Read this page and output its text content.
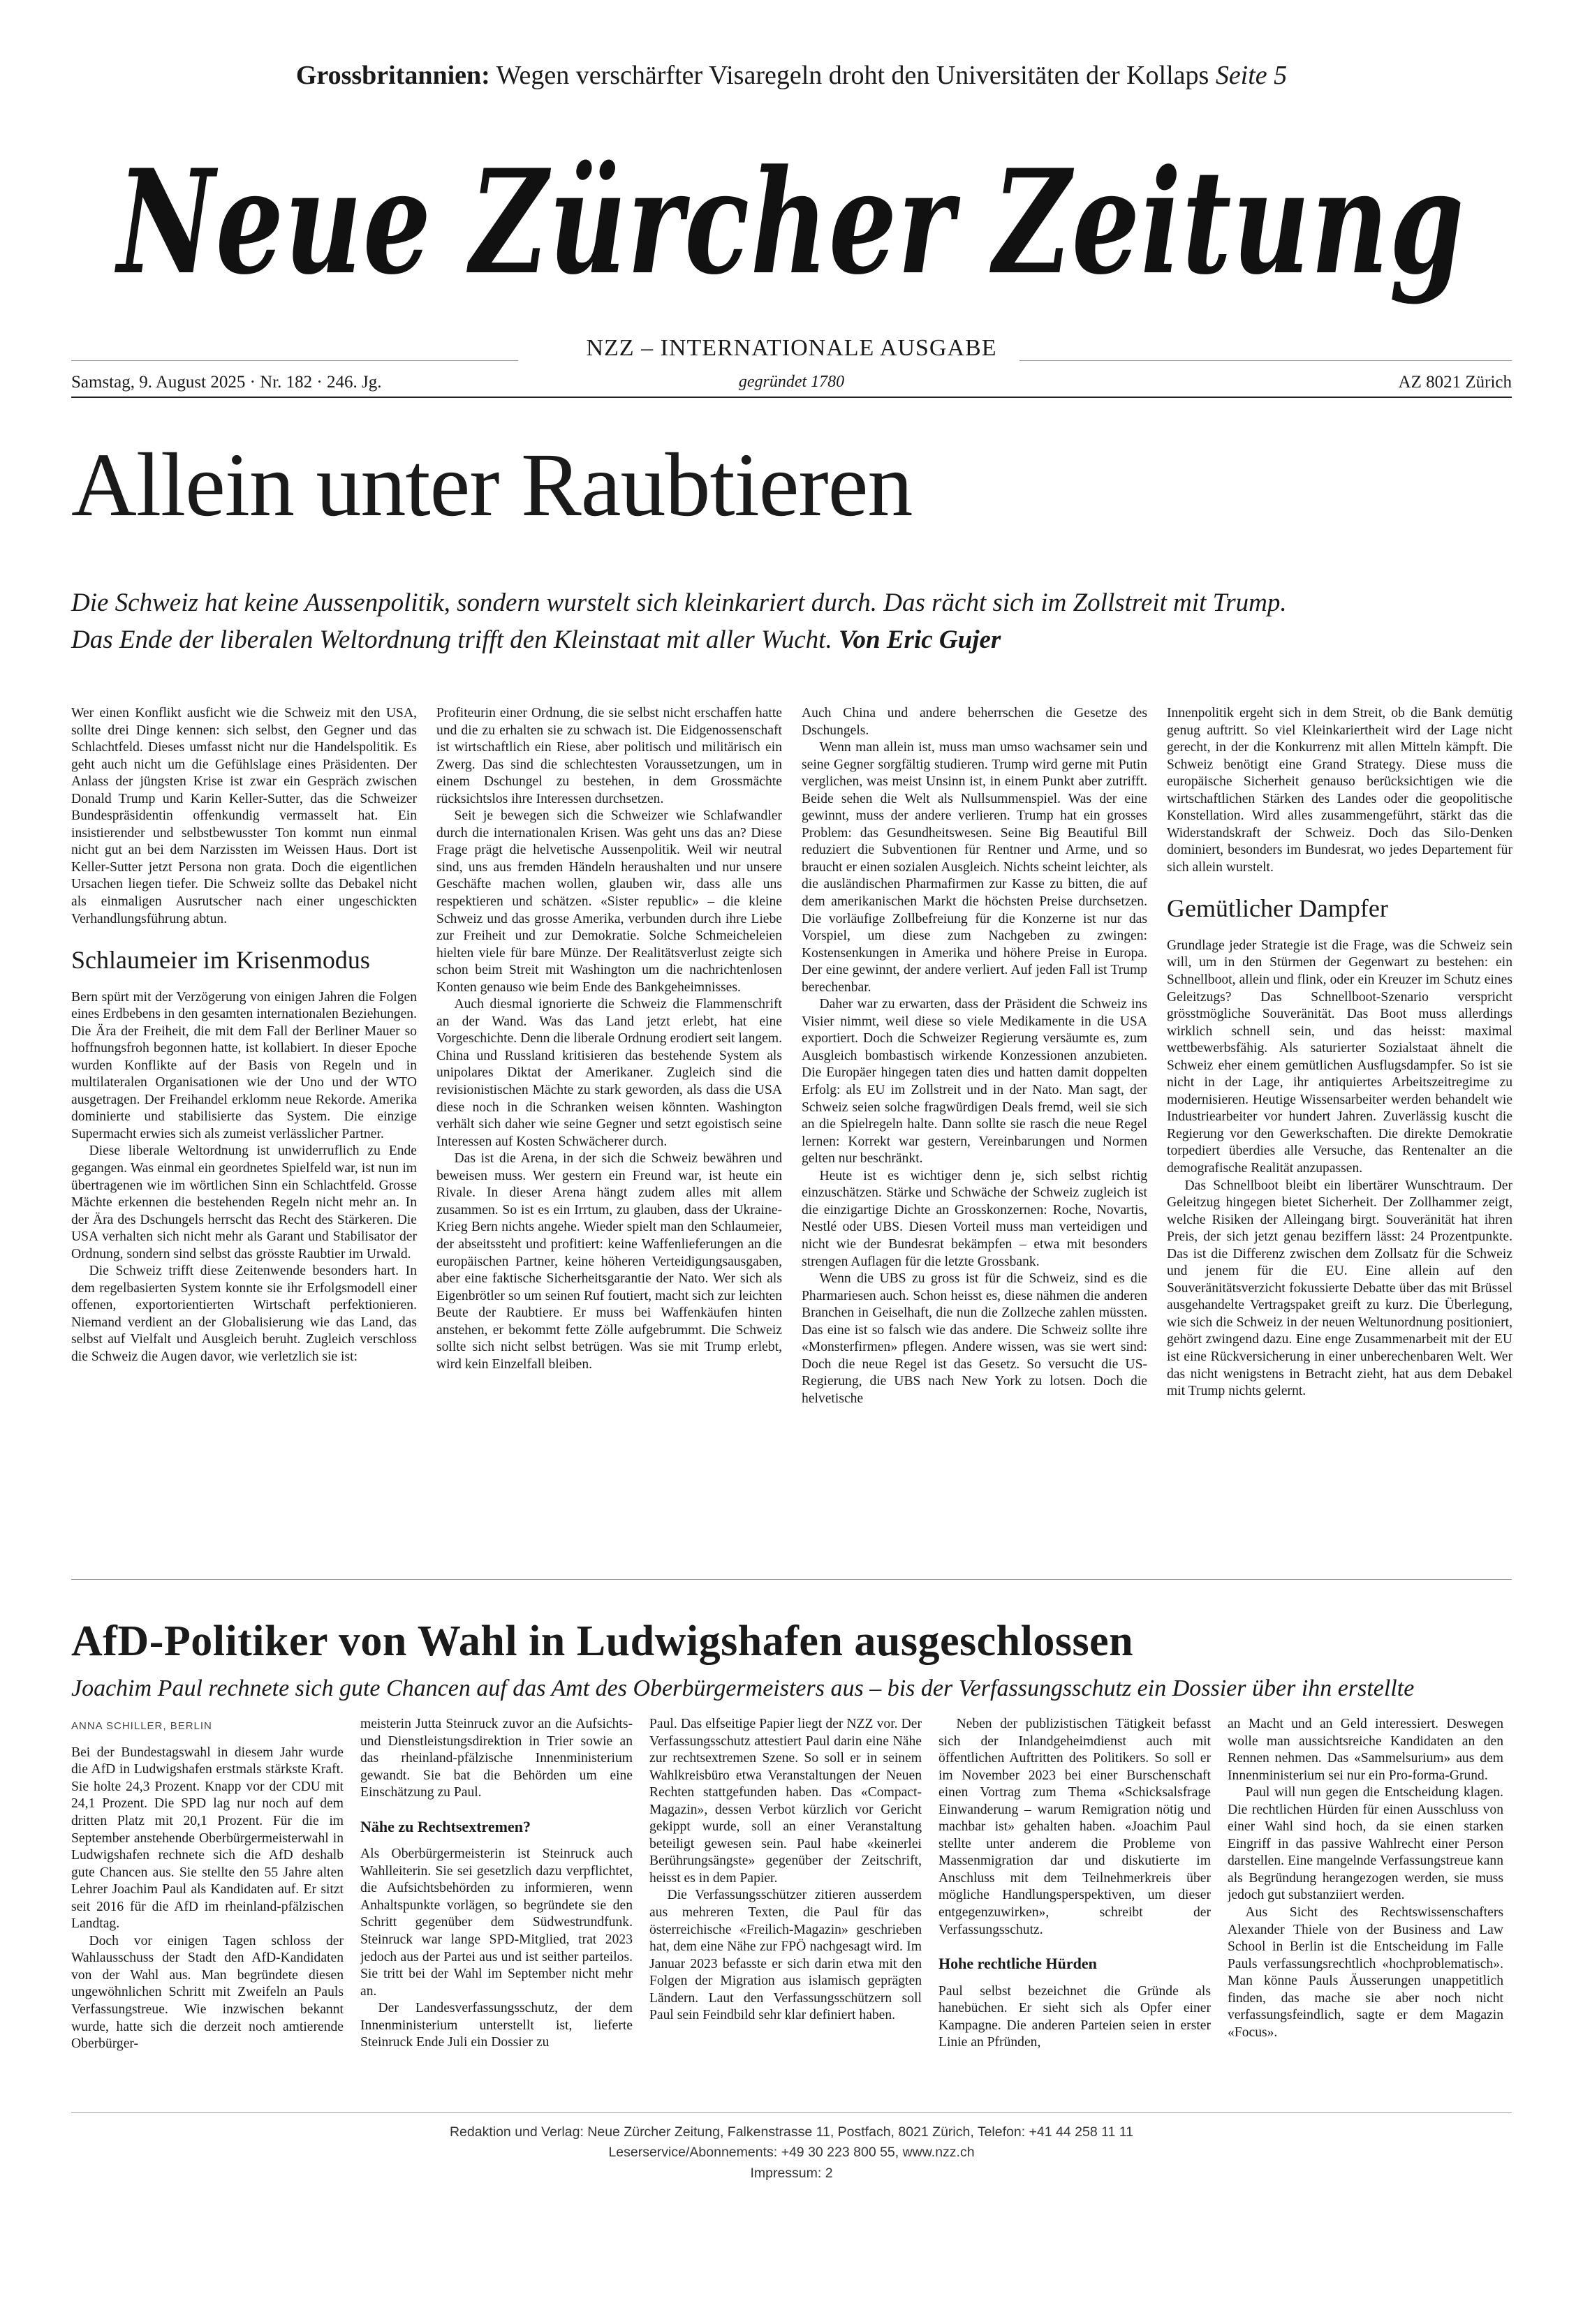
Grossbritannien: Wegen verschärfter Visaregeln droht den Universitäten der Kollaps Seite 5
Neue Zürcher Zeitung
NZZ – INTERNATIONALE AUSGABE
Samstag, 9. August 2025 · Nr. 182 · 246. Jg.	gegründet 1780	AZ 8021 Zürich
Allein unter Raubtieren
Die Schweiz hat keine Aussenpolitik, sondern wurstelt sich kleinkariert durch. Das rächt sich im Zollstreit mit Trump.
Das Ende der liberalen Weltordnung trifft den Kleinstaat mit aller Wucht. Von Eric Gujer

Wer einen Konflikt ausficht wie die Schweiz mit den USA, sollte drei Dinge kennen: sich selbst, den Gegner und das Schlachtfeld. Dieses umfasst nicht nur die Handelspolitik. Es geht auch nicht um die Gefühlslage eines Präsidenten. Der Anlass der jüngsten Krise ist zwar ein Gespräch zwischen Donald Trump und Karin Keller-Sutter, das die Schweizer Bundespräsidentin offenkundig vermasselt hat. Ein insistierender und selbstbewusster Ton kommt nun einmal nicht gut an bei dem Narzissten im Weissen Haus. Dort ist Keller-Sutter jetzt Persona non grata. Doch die eigentlichen Ursachen liegen tiefer. Die Schweiz sollte das Debakel nicht als einmaligen Ausrutscher nach einer ungeschickten Verhandlungsführung abtun.

Schlaumeier im Krisenmodus

Bern spürt mit der Verzögerung von einigen Jahren die Folgen eines Erdbebens in den gesamten internationalen Beziehungen. Die Ära der Freiheit, die mit dem Fall der Berliner Mauer so hoffnungsfroh begonnen hatte, ist kollabiert. In dieser Epoche wurden Konflikte auf der Basis von Regeln und in multilateralen Organisationen wie der Uno und der WTO ausgetragen. Der Freihandel erklomm neue Rekorde. Amerika dominierte und stabilisierte das System. Die einzige Supermacht erwies sich als zumeist verlässlicher Partner.

Diese liberale Weltordnung ist unwiderruflich zu Ende gegangen. Was einmal ein geordnetes Spielfeld war, ist nun im übertragenen wie im wörtlichen Sinn ein Schlachtfeld. Grosse Mächte erkennen die bestehenden Regeln nicht mehr an. In der Ära des Dschungels herrscht das Recht des Stärkeren. Die USA verhalten sich nicht mehr als Garant und Stabilisator der Ordnung, sondern sind selbst das grösste Raubtier im Urwald.

Die Schweiz trifft diese Zeitenwende besonders hart. In dem regelbasierten System konnte sie ihr Erfolgsmodell einer offenen, exportorientierten Wirtschaft perfektionieren. Niemand verdient an der Globalisierung wie das Land, das selbst auf Vielfalt und Ausgleich beruht. Zugleich verschloss die Schweiz die Augen davor, wie verletzlich sie ist:

Profiteurin einer Ordnung, die sie selbst nicht erschaffen hatte und die zu erhalten sie zu schwach ist. Die Eidgenossenschaft ist wirtschaftlich ein Riese, aber politisch und militärisch ein Zwerg. Das sind die schlechtesten Voraussetzungen, um in einem Dschungel zu bestehen, in dem Grossmächte rücksichtslos ihre Interessen durchsetzen.

Seit je bewegen sich die Schweizer wie Schlafwandler durch die internationalen Krisen. Was geht uns das an? Diese Frage prägt die helvetische Aussenpolitik. Weil wir neutral sind, uns aus fremden Händeln heraushalten und nur unsere Geschäfte machen wollen, glauben wir, dass alle uns respektieren und schätzen. «Sister republic» – die kleine Schweiz und das grosse Amerika, verbunden durch ihre Liebe zur Freiheit und zur Demokratie. Solche Schmeicheleien hielten viele für bare Münze. Der Realitätsverlust zeigte sich schon beim Streit mit Washington um die nachrichtenlosen Konten genauso wie beim Ende des Bankgeheimnisses.

Auch diesmal ignorierte die Schweiz die Flammenschrift an der Wand. Was das Land jetzt erlebt, hat eine Vorgeschichte. Denn die liberale Ordnung erodiert seit langem. China und Russland kritisieren das bestehende System als unipolares Diktat der Amerikaner. Zugleich sind die revisionistischen Mächte zu stark geworden, als dass die USA diese noch in die Schranken weisen könnten. Washington verhält sich daher wie seine Gegner und setzt egoistisch seine Interessen auf Kosten Schwächerer durch.

Das ist die Arena, in der sich die Schweiz bewähren und beweisen muss. Wer gestern ein Freund war, ist heute ein Rivale. In dieser Arena hängt zudem alles mit allem zusammen. So ist es ein Irrtum, zu glauben, dass der Ukraine-Krieg Bern nichts angehe. Wieder spielt man den Schlaumeier, der abseitssteht und profitiert: keine Waffenlieferungen an die europäischen Partner, keine höheren Verteidigungsausgaben, aber eine faktische Sicherheitsgarantie der Nato. Wer sich als Eigenbrötler so um seinen Ruf foutiert, macht sich zur leichten Beute der Raubtiere. Er muss bei Waffenkäufen hinten anstehen, er bekommt fette Zölle aufgebrummt. Die Schweiz sollte sich nicht selbst betrügen. Was sie mit Trump erlebt, wird kein Einzelfall bleiben.

Auch China und andere beherrschen die Gesetze des Dschungels.

Wenn man allein ist, muss man umso wachsamer sein und seine Gegner sorgfältig studieren. Trump wird gerne mit Putin verglichen, was meist Unsinn ist, in einem Punkt aber zutrifft. Beide sehen die Welt als Nullsummenspiel. Was der eine gewinnt, muss der andere verlieren. Trump hat ein grosses Problem: das Gesundheitswesen. Seine Big Beautiful Bill reduziert die Subventionen für Rentner und Arme, und so braucht er einen sozialen Ausgleich. Nichts scheint leichter, als die ausländischen Pharmafirmen zur Kasse zu bitten, die auf dem amerikanischen Markt die höchsten Preise durchsetzen. Die vorläufige Zollbefreiung für die Konzerne ist nur das Vorspiel, um diese zum Nachgeben zu zwingen: Kostensenkungen in Amerika und höhere Preise in Europa. Der eine gewinnt, der andere verliert. Auf jeden Fall ist Trump berechenbar.

Daher war zu erwarten, dass der Präsident die Schweiz ins Visier nimmt, weil diese so viele Medikamente in die USA exportiert. Doch die Schweizer Regierung versäumte es, zum Ausgleich bombastisch wirkende Konzessionen anzubieten. Die Europäer hingegen taten dies und hatten damit doppelten Erfolg: als EU im Zollstreit und in der Nato. Man sagt, der Schweiz seien solche fragwürdigen Deals fremd, weil sie sich an die Spielregeln halte. Dann sollte sie rasch die neue Regel lernen: Korrekt war gestern, Vereinbarungen und Normen gelten nur beschränkt.

Heute ist es wichtiger denn je, sich selbst richtig einzuschätzen. Stärke und Schwäche der Schweiz zugleich ist die einzigartige Dichte an Grosskonzernen: Roche, Novartis, Nestlé oder UBS. Diesen Vorteil muss man verteidigen und nicht wie der Bundesrat bekämpfen – etwa mit besonders strengen Auflagen für die letzte Grossbank.

Wenn die UBS zu gross ist für die Schweiz, sind es die Pharmariesen auch. Schon heisst es, diese nähmen die anderen Branchen in Geiselhaft, die nun die Zollzeche zahlen müssten. Das eine ist so falsch wie das andere. Die Schweiz sollte ihre «Monsterfirmen» pflegen. Andere wissen, was sie wert sind: Doch die neue Regel ist das Gesetz. So versucht die US-Regierung, die UBS nach New York zu lotsen. Doch die helvetische

Innenpolitik ergeht sich in dem Streit, ob die Bank demütig genug auftritt. So viel Kleinkariertheit wird der Lage nicht gerecht, in der die Konkurrenz mit allen Mitteln kämpft. Die Schweiz benötigt eine Grand Strategy. Diese muss die europäische Sicherheit genauso berücksichtigen wie die wirtschaftlichen Stärken des Landes oder die geopolitische Konstellation. Wird alles zusammengeführt, stärkt das die Widerstandskraft der Schweiz. Doch das Silo-Denken dominiert, besonders im Bundesrat, wo jedes Departement für sich allein wurstelt.

Gemütlicher Dampfer

Grundlage jeder Strategie ist die Frage, was die Schweiz sein will, um in den Stürmen der Gegenwart zu bestehen: ein Schnellboot, allein und flink, oder ein Kreuzer im Schutz eines Geleitzugs? Das Schnellboot-Szenario verspricht grösstmögliche Souveränität. Das Boot muss allerdings wirklich schnell sein, und das heisst: maximal wettbewerbsfähig. Als saturierter Sozialstaat ähnelt die Schweiz eher einem gemütlichen Ausflugsdampfer. So ist sie nicht in der Lage, ihr antiquiertes Arbeitszeitregime zu modernisieren. Heutige Wissensarbeiter werden behandelt wie Industriearbeiter vor hundert Jahren. Zuverlässig kuscht die Regierung vor den Gewerkschaften. Die direkte Demokratie torpediert überdies alle Versuche, das Rentenalter an die demografische Realität anzupassen.

Das Schnellboot bleibt ein libertärer Wunschtraum. Der Geleitzug hingegen bietet Sicherheit. Der Zollhammer zeigt, welche Risiken der Alleingang birgt. Souveränität hat ihren Preis, der sich jetzt genau beziffern lässt: 24 Prozentpunkte. Das ist die Differenz zwischen dem Zollsatz für die Schweiz und jenem für die EU. Eine allein auf den Souveränitätsverzicht fokussierte Debatte über das mit Brüssel ausgehandelte Vertragspaket greift zu kurz. Die Überlegung, wie sich die Schweiz in der neuen Weltunordnung positioniert, gehört zwingend dazu. Eine enge Zusammenarbeit mit der EU ist eine Rückversicherung in einer unberechenbaren Welt. Wer das nicht wenigstens in Betracht zieht, hat aus dem Debakel mit Trump nichts gelernt.

AfD-Politiker von Wahl in Ludwigshafen ausgeschlossen
Joachim Paul rechnete sich gute Chancen auf das Amt des Oberbürgermeisters aus – bis der Verfassungsschutz ein Dossier über ihn erstellte
ANNA SCHILLER, BERLIN

Bei der Bundestagswahl in diesem Jahr wurde die AfD in Ludwigshafen erstmals stärkste Kraft. Sie holte 24,3 Prozent. Knapp vor der CDU mit 24,1 Prozent. Die SPD lag nur noch auf dem dritten Platz mit 20,1 Prozent. Für die im September anstehende Oberbürgermeisterwahl in Ludwigshafen rechnete sich die AfD deshalb gute Chancen aus. Sie stellte den 55 Jahre alten Lehrer Joachim Paul als Kandidaten auf. Er sitzt seit 2016 für die AfD im rheinland-pfälzischen Landtag.

Doch vor einigen Tagen schloss der Wahlausschuss der Stadt den AfD-Kandidaten von der Wahl aus. Man begründete diesen ungewöhnlichen Schritt mit Zweifeln an Pauls Verfassungstreue. Wie inzwischen bekannt wurde, hatte sich die derzeit noch amtierende Oberbürger-

meisterin Jutta Steinruck zuvor an die Aufsichts- und Dienstleistungsdirektion in Trier sowie an das rheinland-pfälzische Innenministerium gewandt. Sie bat die Behörden um eine Einschätzung zu Paul.

Nähe zu Rechtsextremen?

Als Oberbürgermeisterin ist Steinruck auch Wahlleiterin. Sie sei gesetzlich dazu verpflichtet, die Aufsichtsbehörden zu informieren, wenn Anhaltspunkte vorlägen, so begründete sie den Schritt gegenüber dem Südwestrundfunk. Steinruck war lange SPD-Mitglied, trat 2023 jedoch aus der Partei aus und ist seither parteilos. Sie tritt bei der Wahl im September nicht mehr an.

Der Landesverfassungsschutz, der dem Innenministerium unterstellt ist, lieferte Steinruck Ende Juli ein Dossier zu

Paul. Das elfseitige Papier liegt der NZZ vor. Der Verfassungsschutz attestiert Paul darin eine Nähe zur rechtsextremen Szene. So soll er in seinem Wahlkreisbüro etwa Veranstaltungen der Neuen Rechten stattgefunden haben. Das «Compact-Magazin», dessen Verbot kürzlich vor Gericht gekippt wurde, soll an einer Veranstaltung beteiligt gewesen sein. Paul habe «keinerlei Berührungsängste» gegenüber der Zeitschrift, heisst es in dem Papier.

Die Verfassungsschützer zitieren ausserdem aus mehreren Texten, die Paul für das österreichische «Freilich-Magazin» geschrieben hat, dem eine Nähe zur FPÖ nachgesagt wird. Im Januar 2023 befasste er sich darin etwa mit den Folgen der Migration aus islamisch geprägten Ländern. Laut den Verfassungsschützern soll Paul sein Feindbild sehr klar definiert haben.

Neben der publizistischen Tätigkeit befasst sich der Inlandgeheimdienst auch mit öffentlichen Auftritten des Politikers. So soll er im November 2023 bei einer Burschenschaft einen Vortrag zum Thema «Schicksalsfrage Einwanderung – warum Remigration nötig und machbar ist» gehalten haben. «Joachim Paul stellte unter anderem die Probleme von Massenmigration dar und diskutierte im Anschluss mit dem Teilnehmerkreis über mögliche Handlungsperspektiven, um dieser entgegenzuwirken», schreibt der Verfassungsschutz.

Hohe rechtliche Hürden

Paul selbst bezeichnet die Gründe als hanebüchen. Er sieht sich als Opfer einer Kampagne. Die anderen Parteien seien in erster Linie an Pfründen,

an Macht und an Geld interessiert. Deswegen wolle man aussichtsreiche Kandidaten an den Rennen nehmen. Das «Sammelsurium» aus dem Innenministerium sei nur ein Pro-forma-Grund.

Paul will nun gegen die Entscheidung klagen. Die rechtlichen Hürden für einen Ausschluss von einer Wahl sind hoch, da sie einen starken Eingriff in das passive Wahlrecht einer Person darstellen. Eine mangelnde Verfassungstreue kann als Begründung herangezogen werden, sie muss jedoch gut substanziiert werden.

Aus Sicht des Rechtswissenschafters Alexander Thiele von der Business and Law School in Berlin ist die Entscheidung im Falle Pauls verfassungsrechtlich «hochproblematisch». Man könne Pauls Äusserungen unappetitlich finden, das mache sie aber noch nicht verfassungsfeindlich, sagte er dem Magazin «Focus».

Redaktion und Verlag: Neue Zürcher Zeitung, Falkenstrasse 11, Postfach, 8021 Zürich, Telefon: +41 44 258 11 11
Leserservice/Abonnements: +49 30 223 800 55, www.nzz.ch
Impressum: 2
